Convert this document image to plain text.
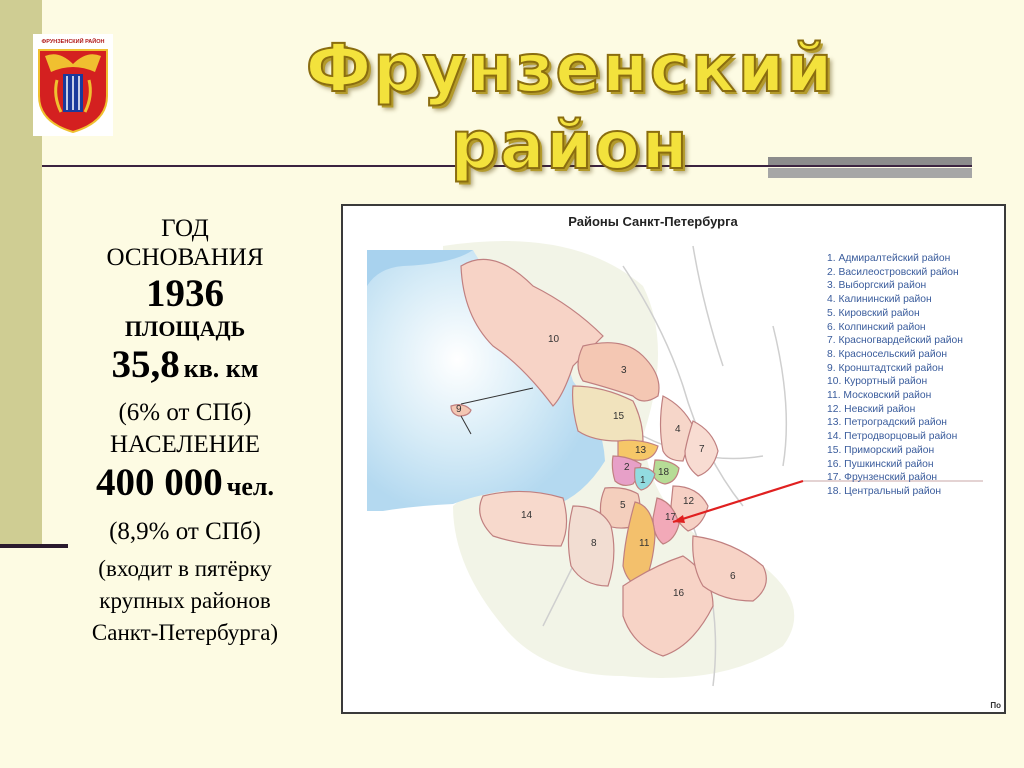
ФРУНЗЕНСКИЙ РАЙОН	Фрунзенский район
ГОД
ОСНОВАНИЯ
1936
ПЛОЩАДЬ
35,8 кв. км
(6% от СПб)
НАСЕЛЕНИЕ
400 000 чел.
(8,9% от СПб)
(входит в пятёрку
крупных районов
Санкт-Петербурга)
10
3
15
4
7
13
2	18
1
5	12
17
11
8
14
16
6
9
Районы Санкт-Петербурга
1. Адмиралтейский район
2. Василеостровский район
3. Выборгский район
4. Калининский район
5. Кировский район
6. Колпинский район
7. Красногвардейский район
8. Красносельский район
9. Кронштадтский район
10. Курортный район
11. Московский район
12. Невский район
13. Петроградский район
14. Петродворцовый район
15. Приморский район
16. Пушкинский район
17. Фрунзенский район
18. Центральный район
По
